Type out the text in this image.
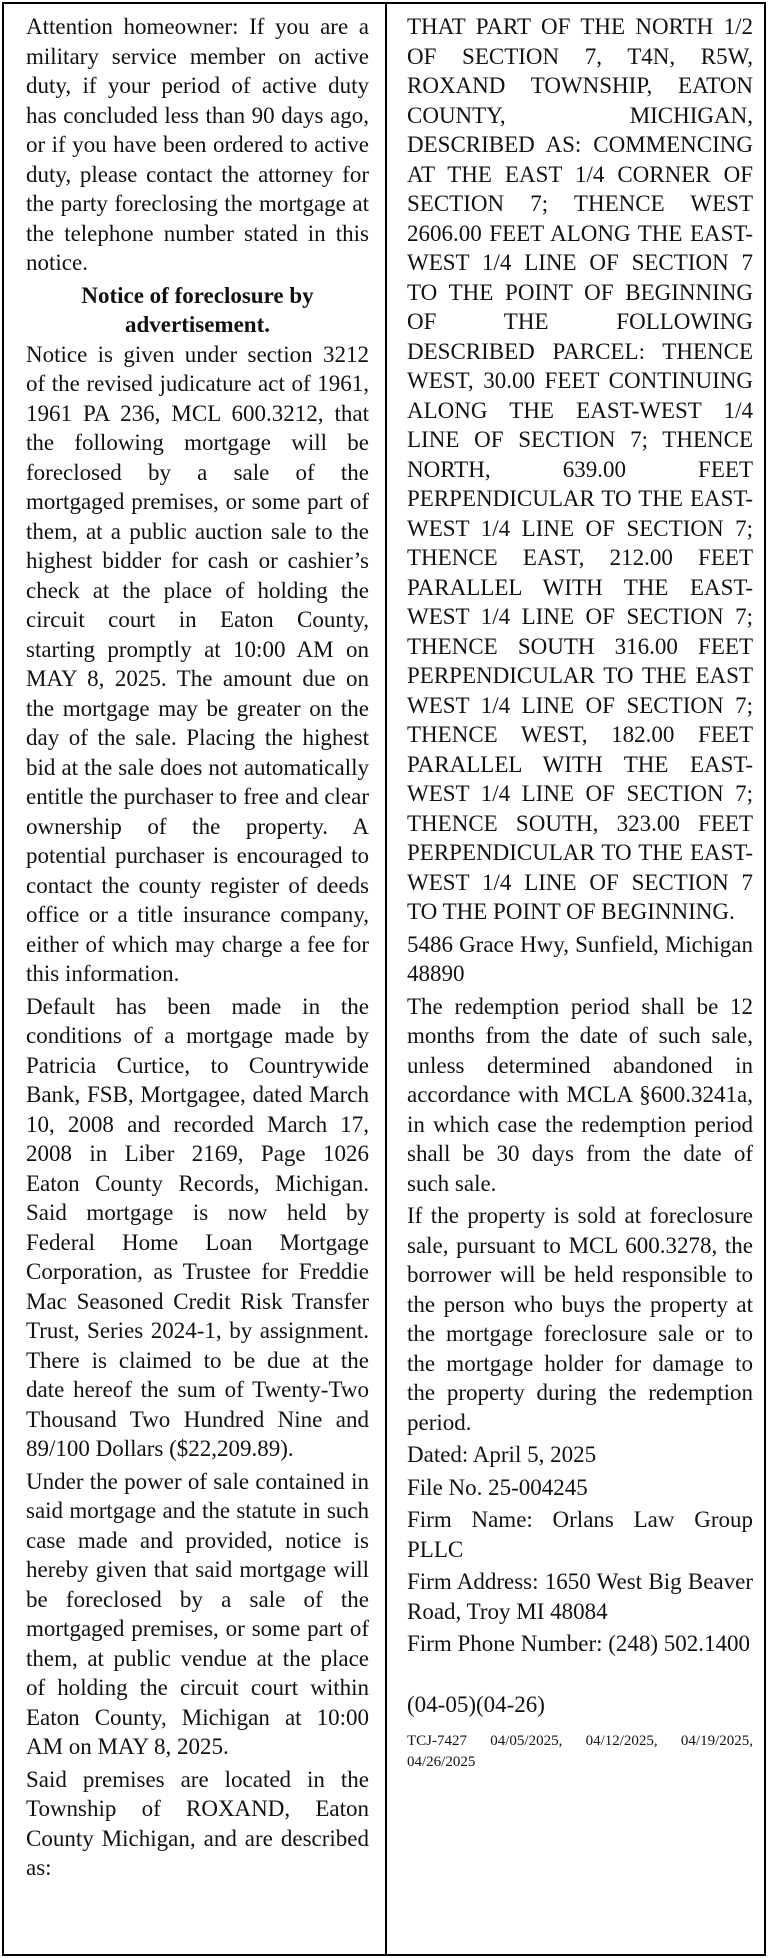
Attention homeowner: If you are a military service member on active duty, if your period of active duty has concluded less than 90 days ago, or if you have been ordered to active duty, please contact the attorney for the party foreclosing the mortgage at the telephone number stated in this notice.

Notice of foreclosure by advertisement.

Notice is given under section 3212 of the revised judicature act of 1961, 1961 PA 236, MCL 600.3212, that the following mortgage will be foreclosed by a sale of the mortgaged premises, or some part of them, at a public auction sale to the highest bidder for cash or cashier’s check at the place of holding the circuit court in Eaton County, starting promptly at 10:00 AM on MAY 8, 2025. The amount due on the mortgage may be greater on the day of the sale. Placing the highest bid at the sale does not automatically entitle the purchaser to free and clear ownership of the property. A potential purchaser is encouraged to contact the county register of deeds office or a title insurance company, either of which may charge a fee for this information.

Default has been made in the conditions of a mortgage made by Patricia Curtice, to Countrywide Bank, FSB, Mortgagee, dated March 10, 2008 and recorded March 17, 2008 in Liber 2169, Page 1026 Eaton County Records, Michigan. Said mortgage is now held by Federal Home Loan Mortgage Corporation, as Trustee for Freddie Mac Seasoned Credit Risk Transfer Trust, Series 2024-1, by assignment. There is claimed to be due at the date hereof the sum of Twenty-Two Thousand Two Hundred Nine and 89/100 Dollars ($22,209.89).

Under the power of sale contained in said mortgage and the statute in such case made and provided, notice is hereby given that said mortgage will be foreclosed by a sale of the mortgaged premises, or some part of them, at public vendue at the place of holding the circuit court within Eaton County, Michigan at 10:00 AM on MAY 8, 2025.

Said premises are located in the Township of ROXAND, Eaton County Michigan, and are described as:

THAT PART OF THE NORTH 1/2 OF SECTION 7, T4N, R5W, ROXAND TOWNSHIP, EATON COUNTY, MICHIGAN, DESCRIBED AS: COMMENCING AT THE EAST 1/4 CORNER OF SECTION 7; THENCE WEST 2606.00 FEET ALONG THE EAST-WEST 1/4 LINE OF SECTION 7 TO THE POINT OF BEGINNING OF THE FOLLOWING DESCRIBED PARCEL: THENCE WEST, 30.00 FEET CONTINUING ALONG THE EAST-WEST 1/4 LINE OF SECTION 7; THENCE NORTH, 639.00 FEET PERPENDICULAR TO THE EAST-WEST 1/4 LINE OF SECTION 7; THENCE EAST, 212.00 FEET PARALLEL WITH THE EAST-WEST 1/4 LINE OF SECTION 7; THENCE SOUTH 316.00 FEET PERPENDICULAR TO THE EAST WEST 1/4 LINE OF SECTION 7; THENCE WEST, 182.00 FEET PARALLEL WITH THE EAST-WEST 1/4 LINE OF SECTION 7; THENCE SOUTH, 323.00 FEET PERPENDICULAR TO THE EAST-WEST 1/4 LINE OF SECTION 7 TO THE POINT OF BEGINNING.

5486 Grace Hwy, Sunfield, Michigan 48890

The redemption period shall be 12 months from the date of such sale, unless determined abandoned in accordance with MCLA §600.3241a, in which case the redemption period shall be 30 days from the date of such sale.

If the property is sold at foreclosure sale, pursuant to MCL 600.3278, the borrower will be held responsible to the person who buys the property at the mortgage foreclosure sale or to the mortgage holder for damage to the property during the redemption period.

Dated: April 5, 2025

File No. 25-004245

Firm Name: Orlans Law Group PLLC

Firm Address: 1650 West Big Beaver Road, Troy MI 48084

Firm Phone Number: (248) 502.1400

(04-05)(04-26)

TCJ-7427 04/05/2025, 04/12/2025, 04/19/2025, 04/26/2025
